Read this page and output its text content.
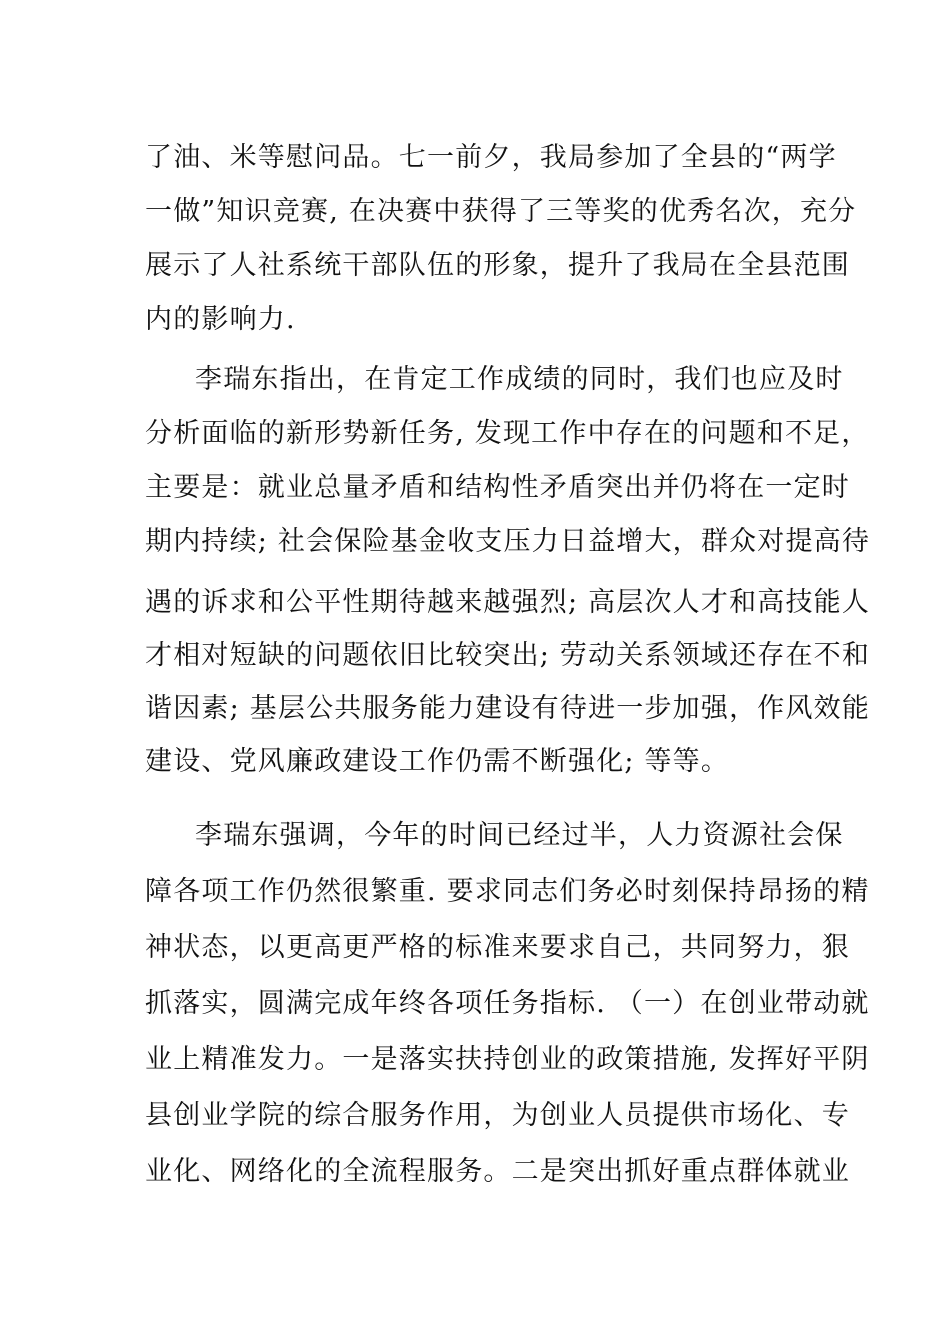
了油、米等慰问品。七一前夕，我局参加了全县的“两学
一做”知识竞赛, 在决赛中获得了三等奖的优秀名次，充分
展示了人社系统干部队伍的形象，提升了我局在全县范围
内的影响力.
李瑞东指出，在肯定工作成绩的同时，我们也应及时
分析面临的新形势新任务, 发现工作中存在的问题和不足，
主要是：就业总量矛盾和结构性矛盾突出并仍将在一定时
期内持续; 社会保险基金收支压力日益增大，群众对提高待
遇的诉求和公平性期待越来越强烈; 高层次人才和高技能人
才相对短缺的问题依旧比较突出; 劳动关系领域还存在不和
谐因素; 基层公共服务能力建设有待进一步加强，作风效能
建设、党风廉政建设工作仍需不断强化; 等等。
李瑞东强调，今年的时间已经过半，人力资源社会保
障各项工作仍然很繁重. 要求同志们务必时刻保持昂扬的精
神状态，以更高更严格的标准来要求自己，共同努力，狠
抓落实，圆满完成年终各项任务指标. （一）在创业带动就
业上精准发力。一是落实扶持创业的政策措施, 发挥好平阴
县创业学院的综合服务作用，为创业人员提供市场化、专
业化、网络化的全流程服务。二是突出抓好重点群体就业
